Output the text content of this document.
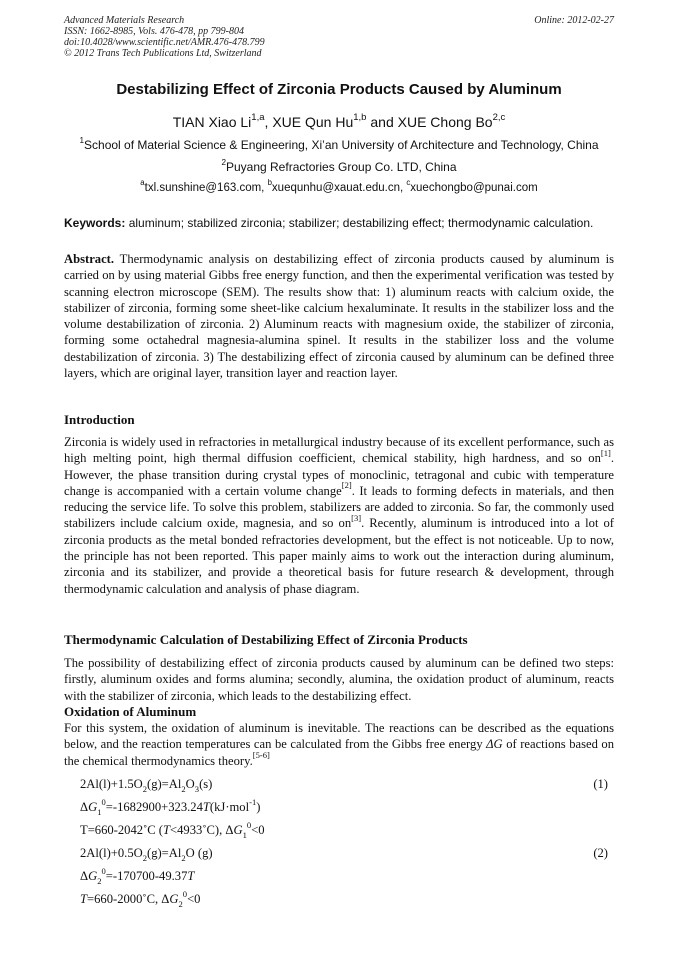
Advanced Materials Research
ISSN: 1662-8985, Vols. 476-478, pp 799-804
doi:10.4028/www.scientific.net/AMR.476-478.799
© 2012 Trans Tech Publications Ltd, Switzerland
Online: 2012-02-27
Destabilizing Effect of Zirconia Products Caused by Aluminum
TIAN Xiao Li$^{1,a}$, XUE Qun Hu$^{1,b}$ and XUE Chong Bo$^{2,c}$
$^1$School of Material Science & Engineering, Xi’an University of Architecture and Technology, China
$^2$Puyang Refractories Group Co. LTD, China
$^a$txl.sunshine@163.com, $^b$xuequnhu@xauat.edu.cn, $^c$xuechongbo@punai.com
Keywords: aluminum; stabilized zirconia; stabilizer; destabilizing effect; thermodynamic calculation.
Abstract. Thermodynamic analysis on destabilizing effect of zirconia products caused by aluminum is carried on by using material Gibbs free energy function, and then the experimental verification was tested by scanning electron microscope (SEM). The results show that: 1) aluminum reacts with calcium oxide, the stabilizer of zirconia, forming some sheet-like calcium hexaluminate. It results in the stabilizer loss and the volume destabilization of zirconia. 2) Aluminum reacts with magnesium oxide, the stabilizer of zirconia, forming some octahedral magnesia-alumina spinel. It results in the stabilizer loss and the volume destabilization of zirconia. 3) The destabilizing effect of zirconia caused by aluminum can be defined three layers, which are original layer, transition layer and reaction layer.
Introduction
Zirconia is widely used in refractories in metallurgical industry because of its excellent performance, such as high melting point, high thermal diffusion coefficient, chemical stability, high hardness, and so on[1]. However, the phase transition during crystal types of monoclinic, tetragonal and cubic with temperature change is accompanied with a certain volume change[2]. It leads to forming defects in materials, and then reducing the service life. To solve this problem, stabilizers are added to zirconia. So far, the commonly used stabilizers include calcium oxide, magnesia, and so on[3]. Recently, aluminum is introduced into a lot of zirconia products as the metal bonded refractories development, but the effect is not noticeable. Up to now, the principle has not been reported. This paper mainly aims to work out the interaction during aluminum, zirconia and its stabilizer, and provide a theoretical basis for future research & development, through thermodynamic calculation and analysis of phase diagram.
Thermodynamic Calculation of Destabilizing Effect of Zirconia Products
The possibility of destabilizing effect of zirconia products caused by aluminum can be defined two steps: firstly, aluminum oxides and forms alumina; secondly, alumina, the oxidation product of aluminum, reacts with the stabilizer of zirconia, which leads to the destabilizing effect.
Oxidation of Aluminum
For this system, the oxidation of aluminum is inevitable. The reactions can be described as the equations below, and the reaction temperatures can be calculated from the Gibbs free energy ΔG of reactions based on the chemical thermodynamics theory.[5-6]
$2Al(l)+1.5O_2(g)=Al_2O_3(s)$	(1)
$\Delta G_1^0=-1682900+323.24T(kJ\cdot mol^{-1})$
T=660-2042˚C (T<4933˚C), $\Delta G_1^0<0$
$2Al(l)+0.5O_2(g)=Al_2O$ (g)	(2)
$\Delta G_2^0=-170700-49.37T$
T=660-2000˚C, $\Delta G_2^0<0$
